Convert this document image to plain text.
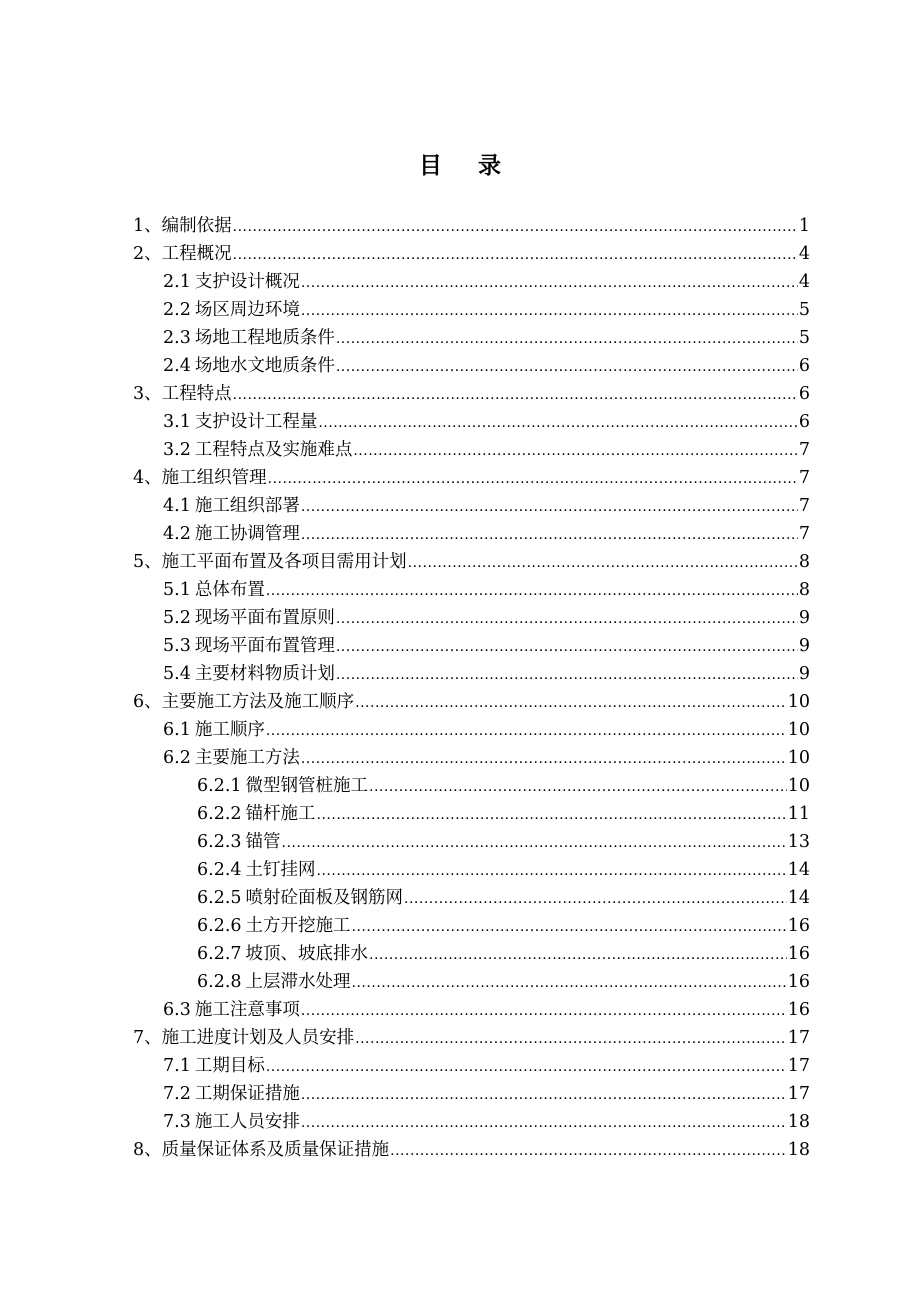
目 录
1、 编制依据 .....	1
2、 工程概况 .....	4
2.1 支护设计概况 .....	4
2.2 场区周边环境 .....	5
2.3 场地工程地质条件 .....	5
2.4 场地水文地质条件 .....	6
3、 工程特点 .....	6
3.1 支护设计工程量 .....	6
3.2 工程特点及实施难点 .....	7
4、 施工组织管理 .....	7
4.1 施工组织部署 .....	7
4.2 施工协调管理 .....	7
5、 施工平面布置及各项目需用计划 .....	8
5.1 总体布置 .....	8
5.2 现场平面布置原则 .....	9
5.3 现场平面布置管理 .....	9
5.4 主要材料物质计划 .....	9
6、 主要施工方法及施工顺序 .....	10
6.1 施工顺序 .....	10
6.2 主要施工方法 .....	10
6.2.1 微型钢管桩施工 .....	10
6.2.2 锚杆施工 .....	11
6.2.3 锚管 .....	13
6.2.4 土钉挂网 .....	14
6.2.5 喷射砼面板及钢筋网 .....	14
6.2.6 土方开挖施工 .....	16
6.2.7 坡顶、坡底排水 .....	16
6.2.8 上层滞水处理 .....	16
6.3 施工注意事项 .....	16
7、 施工进度计划及人员安排 .....	17
7.1 工期目标 .....	17
7.2 工期保证措施 .....	17
7.3 施工人员安排 .....	18
8、 质量保证体系及质量保证措施 .....	18
